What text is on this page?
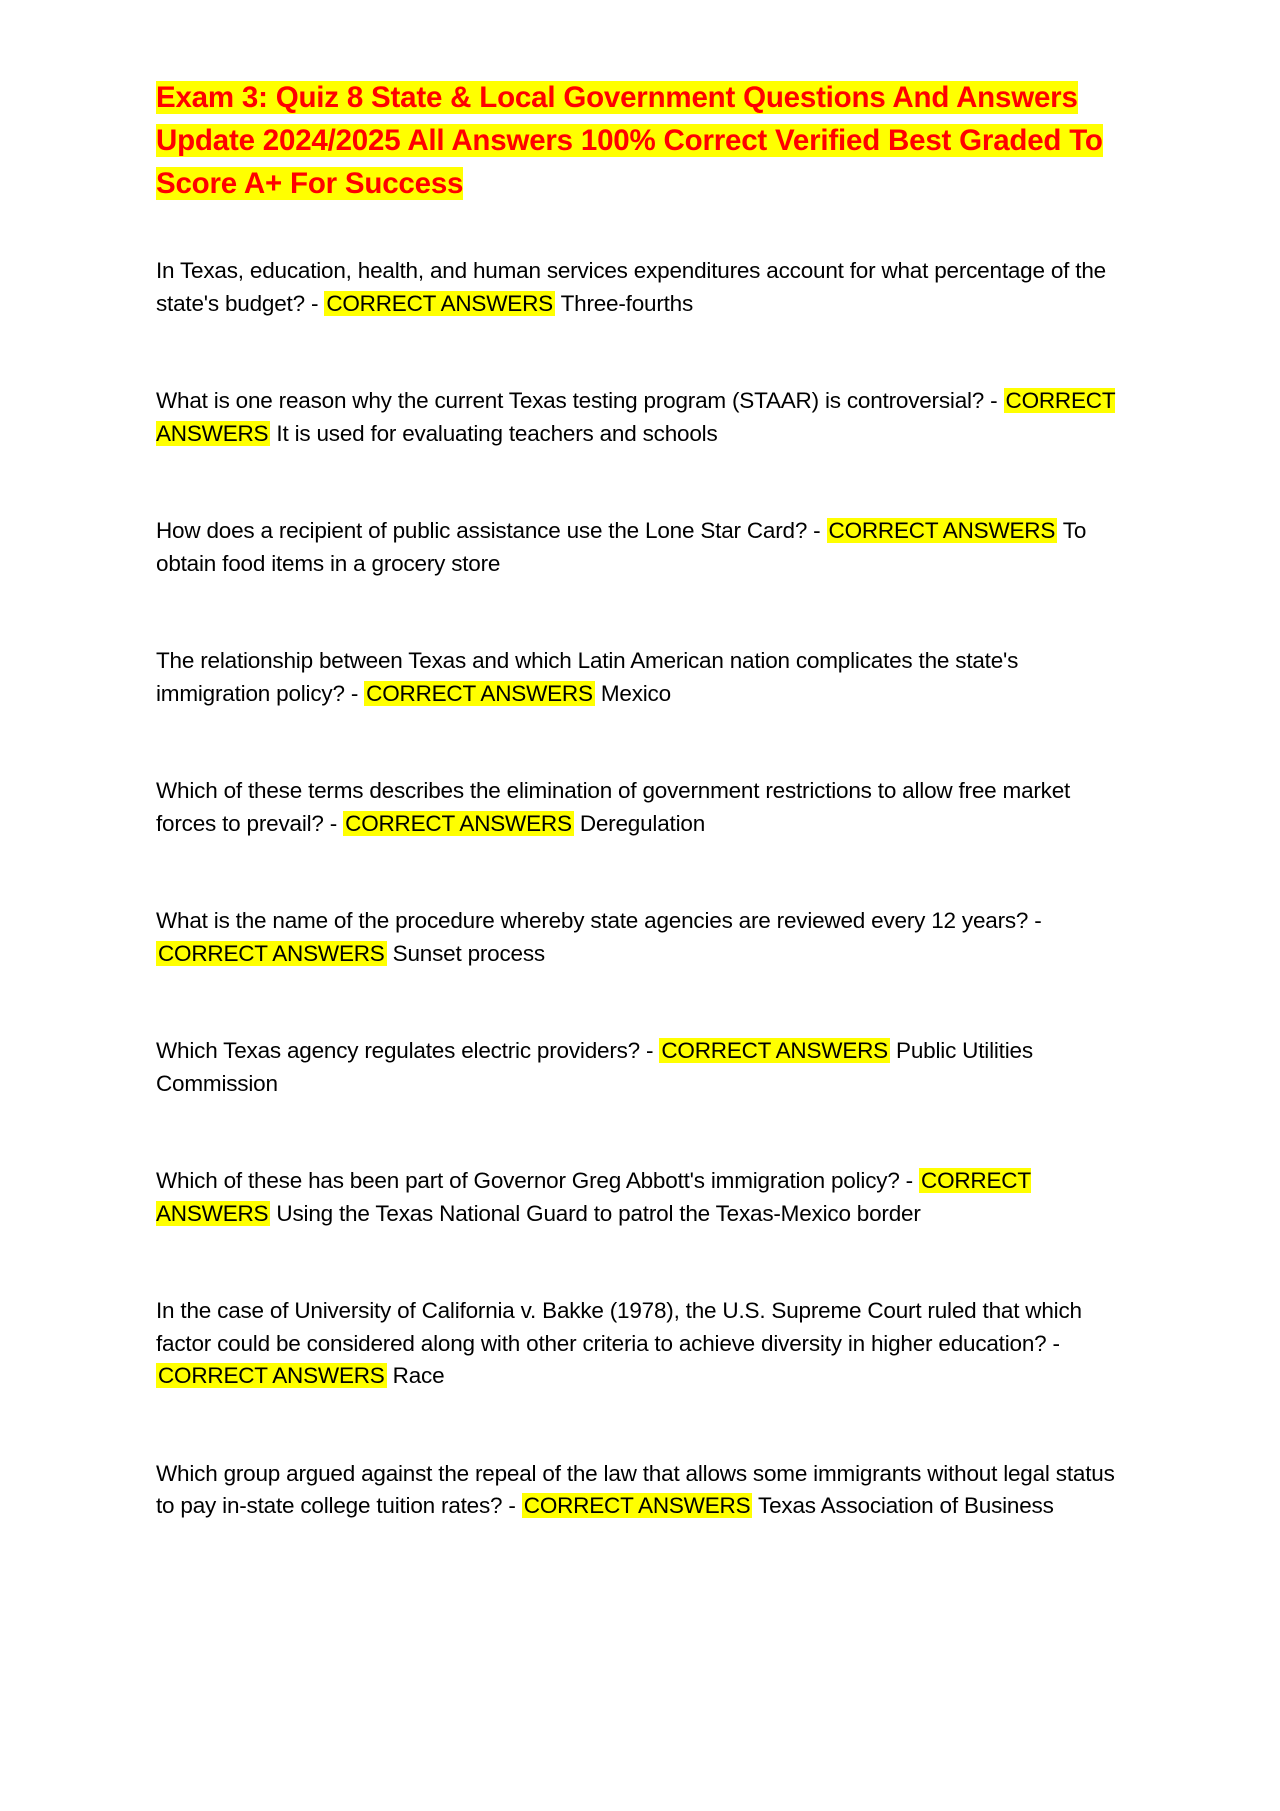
Exam 3: Quiz 8 State & Local Government Questions And Answers Update 2024/2025 All Answers 100% Correct Verified Best Graded To Score A+ For Success

In Texas, education, health, and human services expenditures account for what percentage of the state's budget? - CORRECT ANSWERS Three-fourths

What is one reason why the current Texas testing program (STAAR) is controversial? - CORRECT ANSWERS It is used for evaluating teachers and schools

How does a recipient of public assistance use the Lone Star Card? - CORRECT ANSWERS To obtain food items in a grocery store

The relationship between Texas and which Latin American nation complicates the state's immigration policy? - CORRECT ANSWERS Mexico

Which of these terms describes the elimination of government restrictions to allow free market forces to prevail? - CORRECT ANSWERS Deregulation

What is the name of the procedure whereby state agencies are reviewed every 12 years? - CORRECT ANSWERS Sunset process

Which Texas agency regulates electric providers? - CORRECT ANSWERS Public Utilities Commission

Which of these has been part of Governor Greg Abbott's immigration policy? - CORRECT ANSWERS Using the Texas National Guard to patrol the Texas-Mexico border

In the case of University of California v. Bakke (1978), the U.S. Supreme Court ruled that which factor could be considered along with other criteria to achieve diversity in higher education? - CORRECT ANSWERS Race

Which group argued against the repeal of the law that allows some immigrants without legal status to pay in-state college tuition rates? - CORRECT ANSWERS Texas Association of Business
